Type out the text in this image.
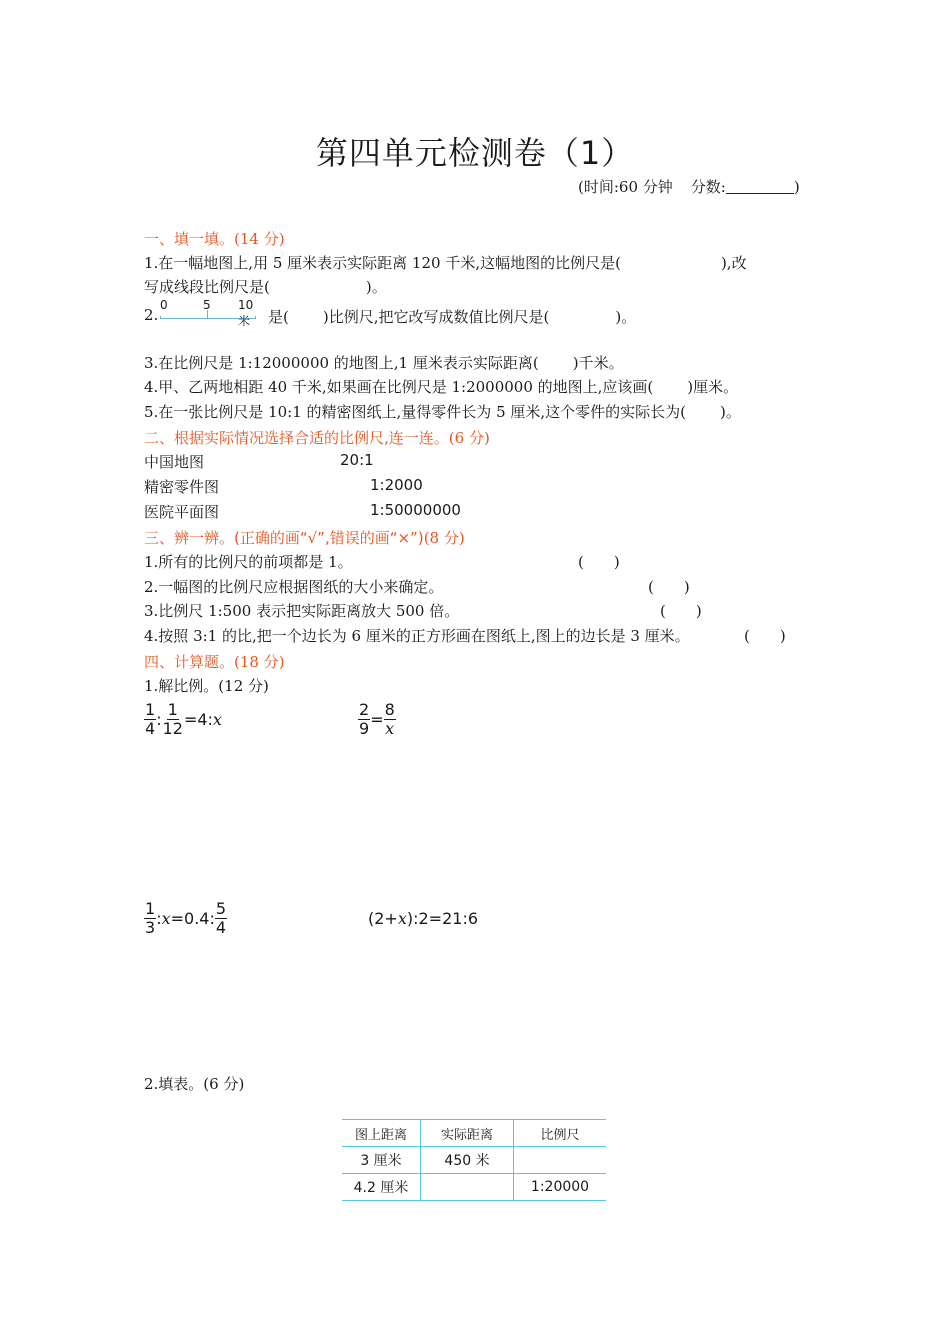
第四单元检测卷（1）
(时间:60 分钟 分数:	)
一、填一填。(14 分)
1.在一幅地图上,用 5 厘米表示实际距离 120 千米,这幅地图的比例尺是(	),改
写成线段比例尺是(	)。
2.
0	5 10米	是( )比例尺,把它改写成数值比例尺是(	)。
3.在比例尺是 1:12000000 的地图上,1 厘米表示实际距离( )千米。
4.甲、乙两地相距 40 千米,如果画在比例尺是 1:2000000 的地图上,应该画( )厘米。
5.在一张比例尺是 10:1 的精密图纸上,量得零件长为 5 厘米,这个零件的实际长为( )。
二、根据实际情况选择合适的比例尺,连一连。(6 分)
中国地图	20:1
精密零件图	1:2000
医院平面图	1:50000000
三、辨一辨。(正确的画“√”,错误的画“×”)(8 分)
1.所有的比例尺的前项都是 1。	(　　)
2.一幅图的比例尺应根据图纸的大小来确定。	(　　)
3.比例尺 1:500 表示把实际距离放大 500 倍。	(　　)
4.按照 3:1 的比,把一个边长为 6 厘米的正方形画在图纸上,图上的边长是 3 厘米。	(　　)
四、计算题。(18 分)
1.解比例。(12 分)
$\frac{1}{4}$ : $\frac{1}{12} =4$: x	$\frac{2}{9} = \frac{8}{x}$
$\frac{1}{3}$ : x =0.4: $\frac{5}{4}$	(2+ x ):2=21:6
2.填表。(6 分)
图上距离	实际距离	比例尺
3 厘米	450 米	
4.2 厘米		1:20000
